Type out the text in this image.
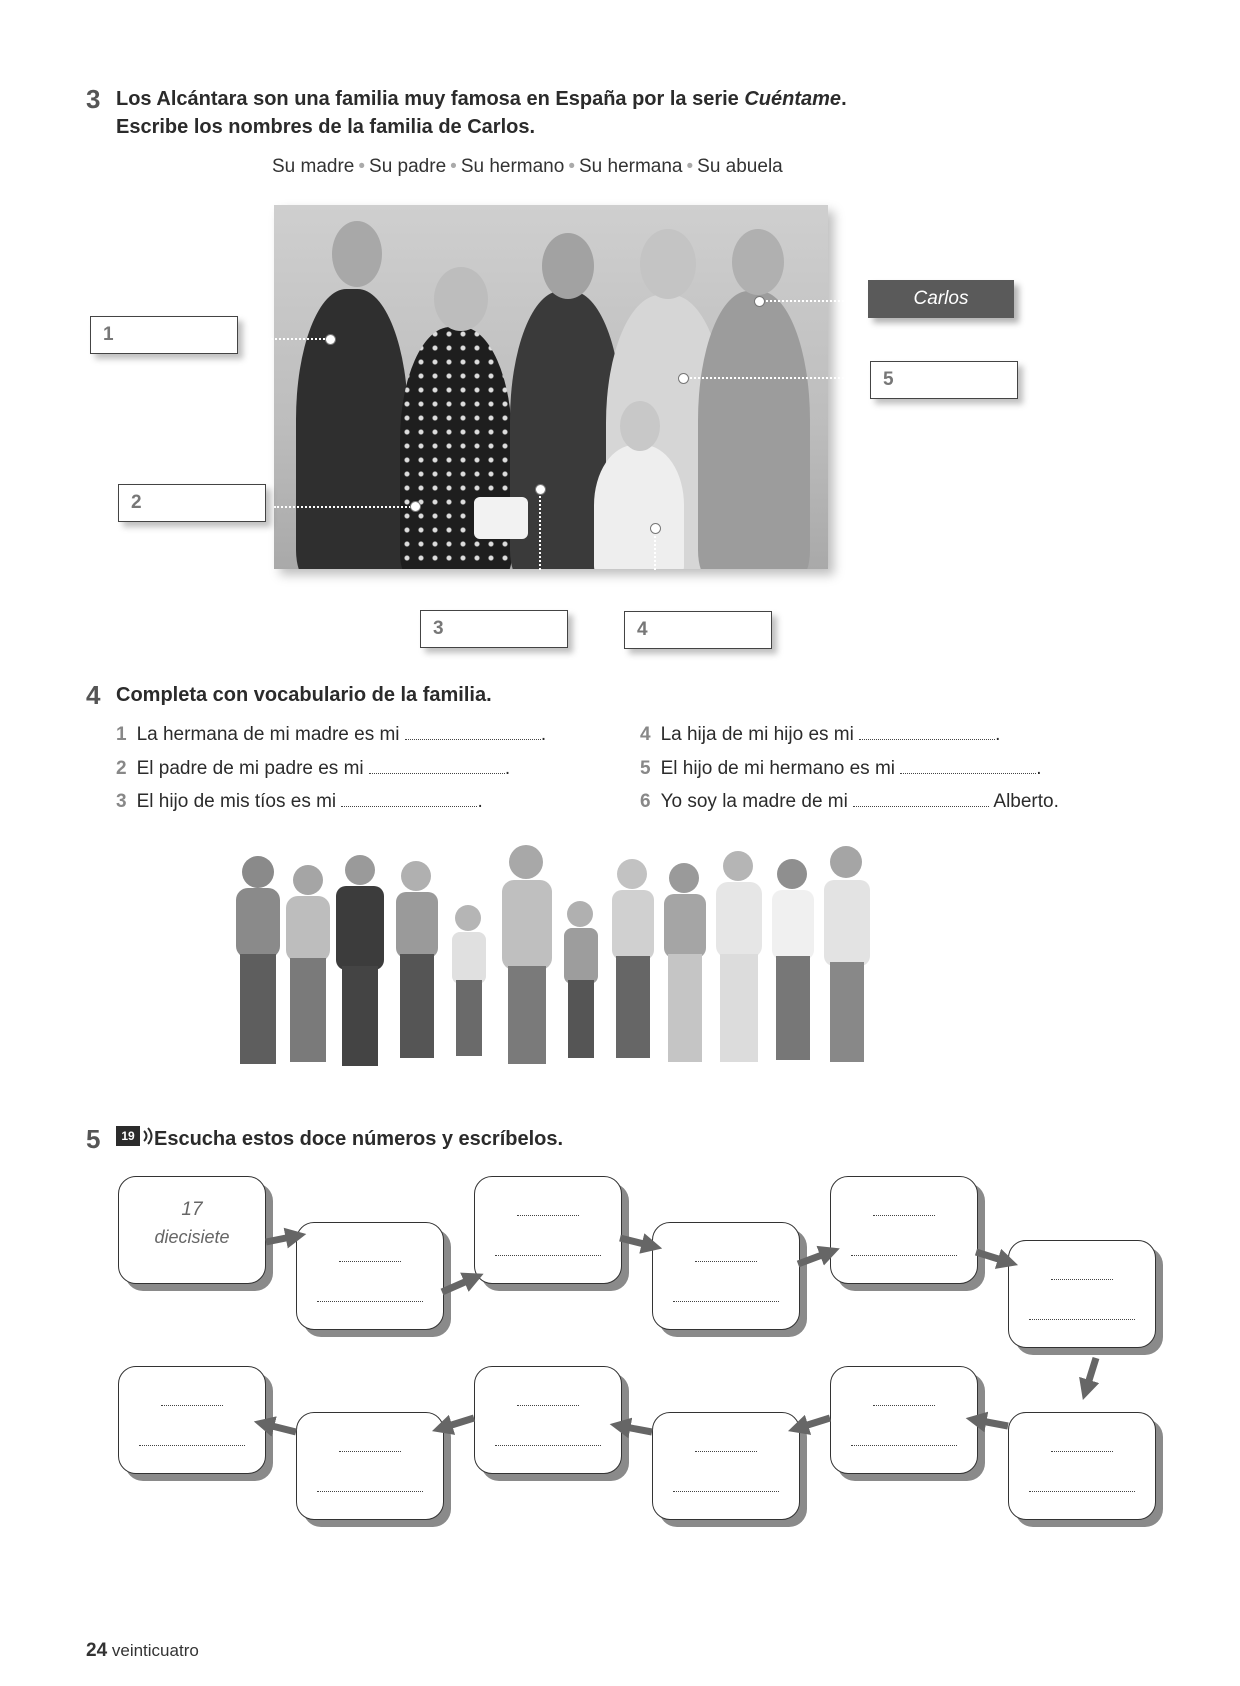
3 Los Alcántara son una familia muy famosa en España por la serie Cuéntame.
Escribe los nombres de la familia de Carlos.
Su madre • Su padre • Su hermano • Su hermana • Su abuela
1
2
3	4
5
Carlos
4 Completa con vocabulario de la familia.
1 La hermana de mi madre es mi	.
2 El padre de mi padre es mi	.
3 El hijo de mis tíos es mi	.
4 La hija de mi hijo es mi	.
5 El hijo de mi hermano es mi	.
6 Yo soy la madre de mi	Alberto.
5	19 Escucha estos doce números y escríbelos.
17
diecisiete
24 veinticuatro
